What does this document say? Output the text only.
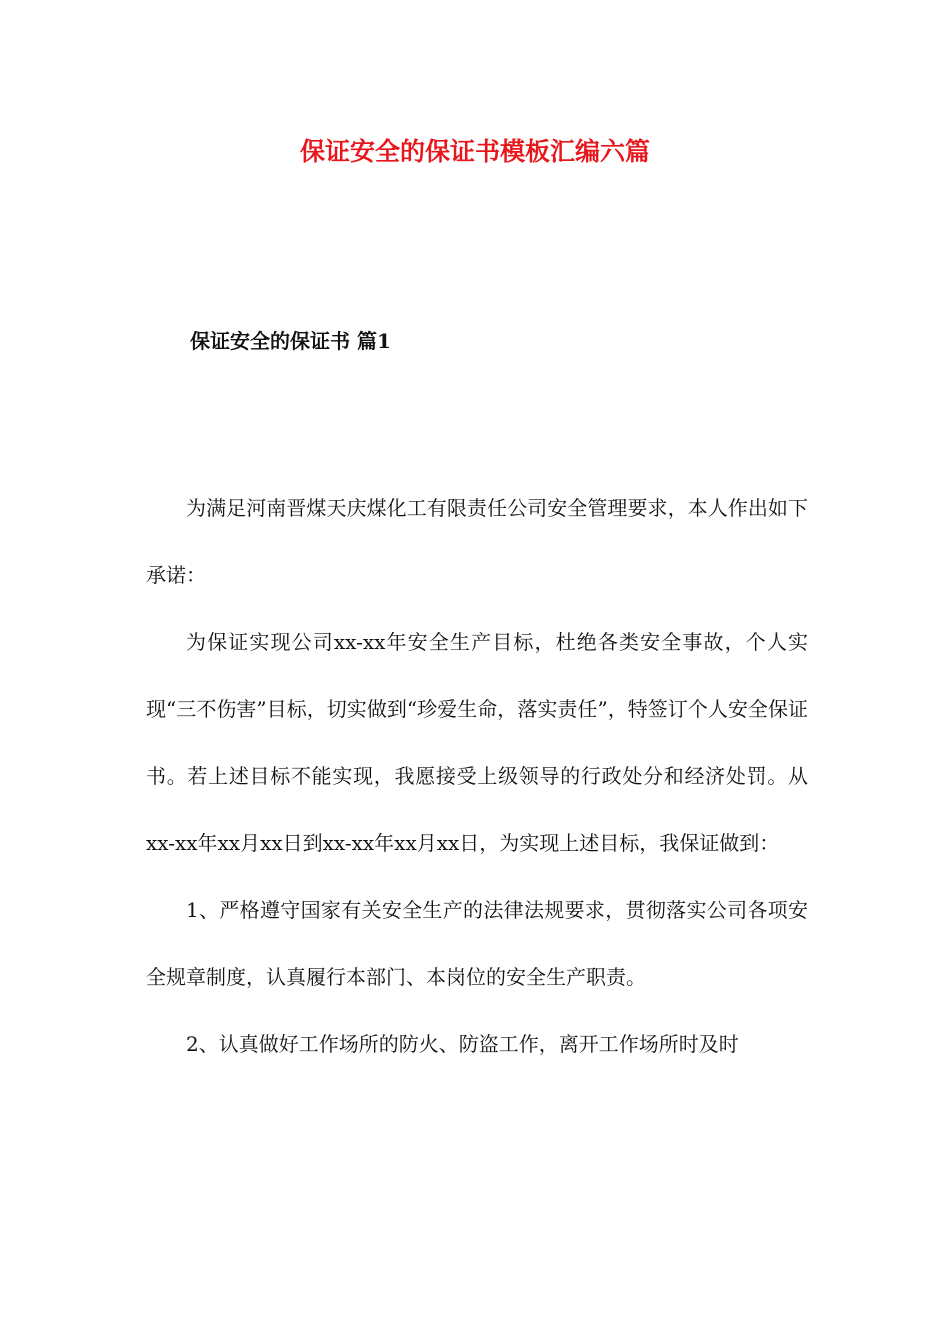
保证安全的保证书模板汇编六篇
保证安全的保证书 篇1

为满足河南晋煤天庆煤化工有限责任公司安全管理要求，本人作出如下承诺：

为保证实现公司xx-xx年安全生产目标，杜绝各类安全事故，个人实现“三不伤害”目标，切实做到“珍爱生命，落实责任”，特签订个人安全保证书。若上述目标不能实现，我愿接受上级领导的行政处分和经济处罚。从xx-xx年xx月xx日到xx-xx年xx月xx日，为实现上述目标，我保证做到：

1、严格遵守国家有关安全生产的法律法规要求，贯彻落实公司各项安全规章制度，认真履行本部门、本岗位的安全生产职责。

2、认真做好工作场所的防火、防盗工作，离开工作场所时及时
